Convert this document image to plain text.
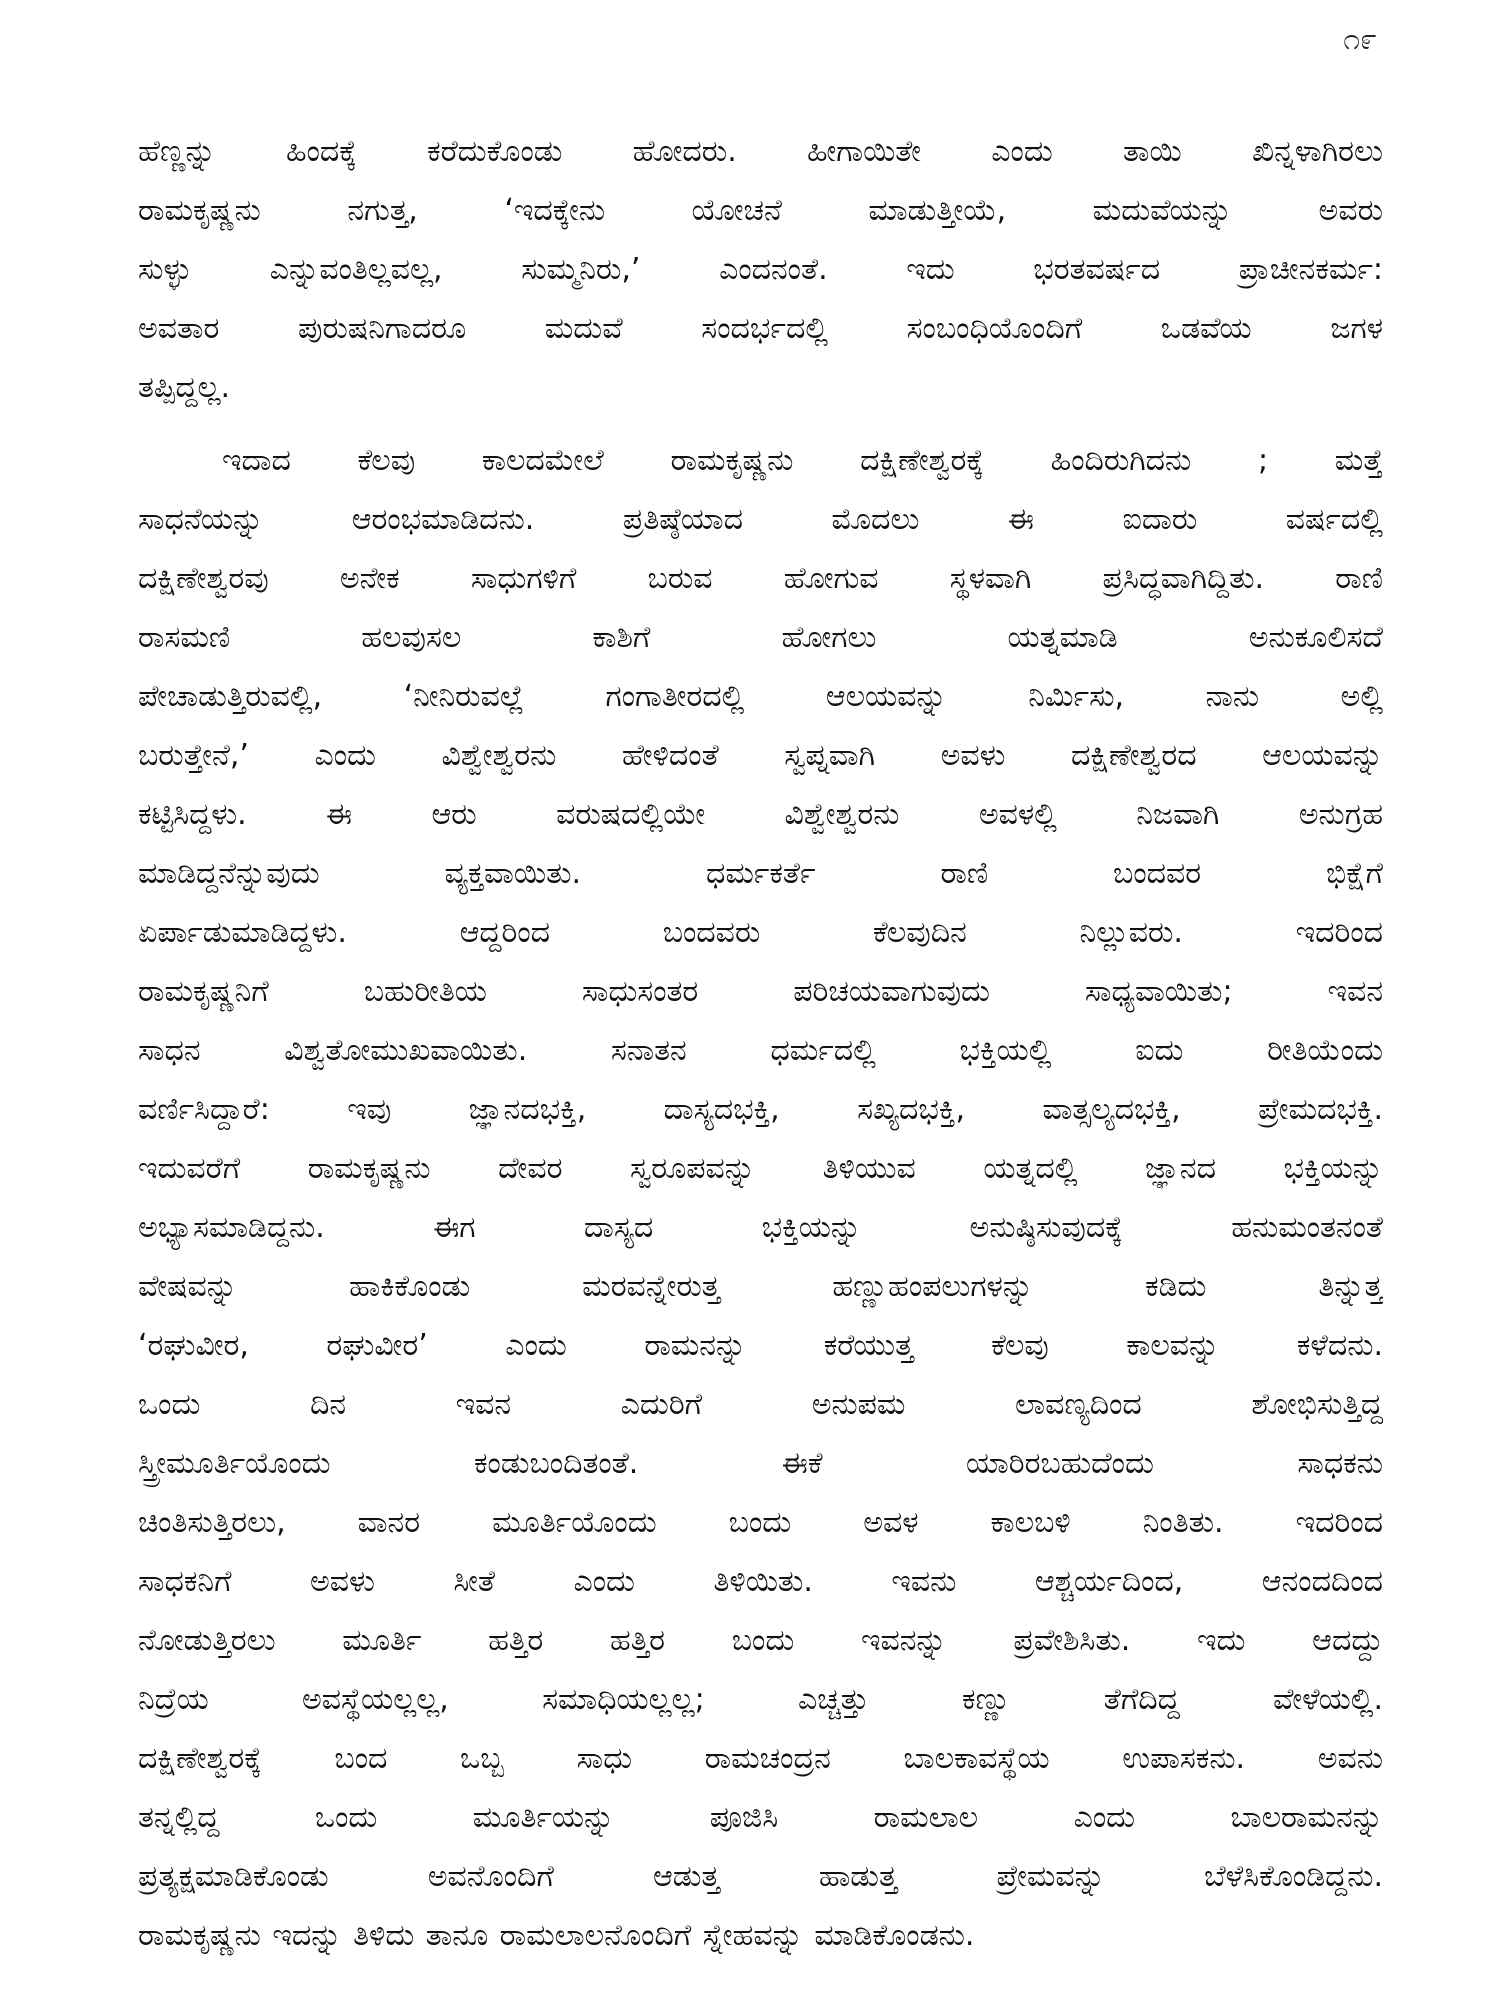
೧೯

ಹೆಣ್ಣನ್ನು ಹಿಂದಕ್ಕೆ ಕರೆದುಕೊಂಡು ಹೋದರು. ಹೀಗಾಯಿತೇ ಎಂದು ತಾಯಿ ಖಿನ್ನಳಾಗಿರಲು
ರಾಮಕೃಷ್ಣನು ನಗುತ್ತ, ‘ಇದಕ್ಕೇನು ಯೋಚನೆ ಮಾಡುತ್ತೀಯೆ, ಮದುವೆಯನ್ನು ಅವರು
ಸುಳ್ಳು ಎನ್ನುವಂತಿಲ್ಲವಲ್ಲ, ಸುಮ್ಮನಿರು,’ ಎಂದನಂತೆ. ಇದು ಭರತವರ್ಷದ ಪ್ರಾಚೀನಕರ್ಮ:
ಅವತಾರ ಪುರುಷನಿಗಾದರೂ ಮದುವೆ ಸಂದರ್ಭದಲ್ಲಿ ಸಂಬಂಧಿಯೊಂದಿಗೆ ಒಡವೆಯ ಜಗಳ
ತಪ್ಪಿದ್ದಲ್ಲ.

ಇದಾದ ಕೆಲವು ಕಾಲದಮೇಲೆ ರಾಮಕೃಷ್ಣನು ದಕ್ಷಿಣೇಶ್ವರಕ್ಕೆ ಹಿಂದಿರುಗಿದನು ; ಮತ್ತೆ
ಸಾಧನೆಯನ್ನು ಆರಂಭಮಾಡಿದನು. ಪ್ರತಿಷ್ಠೆಯಾದ ಮೊದಲು ಈ ಐದಾರು ವರ್ಷದಲ್ಲಿ
ದಕ್ಷಿಣೇಶ್ವರವು ಅನೇಕ ಸಾಧುಗಳಿಗೆ ಬರುವ ಹೋಗುವ ಸ್ಥಳವಾಗಿ ಪ್ರಸಿದ್ಧವಾಗಿದ್ದಿತು. ರಾಣಿ
ರಾಸಮಣಿ ಹಲವುಸಲ ಕಾಶಿಗೆ ಹೋಗಲು ಯತ್ನಮಾಡಿ ಅನುಕೂಲಿಸದೆ
ಪೇಚಾಡುತ್ತಿರುವಲ್ಲಿ, ‘ನೀನಿರುವಲ್ಲೆ ಗಂಗಾತೀರದಲ್ಲಿ ಆಲಯವನ್ನು ನಿರ್ಮಿಸು, ನಾನು ಅಲ್ಲಿ
ಬರುತ್ತೇನೆ,’ ಎಂದು ವಿಶ್ವೇಶ್ವರನು ಹೇಳಿದಂತೆ ಸ್ವಪ್ನವಾಗಿ ಅವಳು ದಕ್ಷಿಣೇಶ್ವರದ ಆಲಯವನ್ನು
ಕಟ್ಟಿಸಿದ್ದಳು. ಈ ಆರು ವರುಷದಲ್ಲಿಯೇ ವಿಶ್ವೇಶ್ವರನು ಅವಳಲ್ಲಿ ನಿಜವಾಗಿ ಅನುಗ್ರಹ
ಮಾಡಿದ್ದನೆನ್ನುವುದು ವ್ಯಕ್ತವಾಯಿತು. ಧರ್ಮಕರ್ತೆ ರಾಣಿ ಬಂದವರ ಭಿಕ್ಷೆಗೆ
ಏರ್ಪಾಡುಮಾಡಿದ್ದಳು. ಆದ್ದರಿಂದ ಬಂದವರು ಕೆಲವುದಿನ ನಿಲ್ಲುವರು. ಇದರಿಂದ
ರಾಮಕೃಷ್ಣನಿಗೆ ಬಹುರೀತಿಯ ಸಾಧುಸಂತರ ಪರಿಚಯವಾಗುವುದು ಸಾಧ್ಯವಾಯಿತು; ಇವನ
ಸಾಧನ ವಿಶ್ವತೋಮುಖವಾಯಿತು. ಸನಾತನ ಧರ್ಮದಲ್ಲಿ ಭಕ್ತಿಯಲ್ಲಿ ಐದು ರೀತಿಯೆಂದು
ವರ್ಣಿಸಿದ್ದಾರೆ: ಇವು ಜ್ಞಾನದಭಕ್ತಿ, ದಾಸ್ಯದಭಕ್ತಿ, ಸಖ್ಯದಭಕ್ತಿ, ವಾತ್ಸಲ್ಯದಭಕ್ತಿ, ಪ್ರೇಮದಭಕ್ತಿ.
ಇದುವರೆಗೆ ರಾಮಕೃಷ್ಣನು ದೇವರ ಸ್ವರೂಪವನ್ನು ತಿಳಿಯುವ ಯತ್ನದಲ್ಲಿ ಜ್ಞಾನದ ಭಕ್ತಿಯನ್ನು
ಅಭ್ಯಾಸಮಾಡಿದ್ದನು. ಈಗ ದಾಸ್ಯದ ಭಕ್ತಿಯನ್ನು ಅನುಷ್ಠಿಸುವುದಕ್ಕೆ ಹನುಮಂತನಂತೆ
ವೇಷವನ್ನು ಹಾಕಿಕೊಂಡು ಮರವನ್ನೇರುತ್ತ ಹಣ್ಣುಹಂಪಲುಗಳನ್ನು ಕಡಿದು ತಿನ್ನುತ್ತ
‘ರಘುವೀರ, ರಘುವೀರ’ ಎಂದು ರಾಮನನ್ನು ಕರೆಯುತ್ತ ಕೆಲವು ಕಾಲವನ್ನು ಕಳೆದನು.
ಒಂದು ದಿನ ಇವನ ಎದುರಿಗೆ ಅನುಪಮ ಲಾವಣ್ಯದಿಂದ ಶೋಭಿಸುತ್ತಿದ್ದ
ಸ್ತ್ರೀಮೂರ್ತಿಯೊಂದು ಕಂಡುಬಂದಿತಂತೆ. ಈಕೆ ಯಾರಿರಬಹುದೆಂದು ಸಾಧಕನು
ಚಿಂತಿಸುತ್ತಿರಲು, ವಾನರ ಮೂರ್ತಿಯೊಂದು ಬಂದು ಅವಳ ಕಾಲಬಳಿ ನಿಂತಿತು. ಇದರಿಂದ
ಸಾಧಕನಿಗೆ ಅವಳು ಸೀತೆ ಎಂದು ತಿಳಿಯಿತು. ಇವನು ಆಶ್ಚರ್ಯದಿಂದ, ಆನಂದದಿಂದ
ನೋಡುತ್ತಿರಲು ಮೂರ್ತಿ ಹತ್ತಿರ ಹತ್ತಿರ ಬಂದು ಇವನನ್ನು ಪ್ರವೇಶಿಸಿತು. ಇದು ಆದದ್ದು
ನಿದ್ರೆಯ ಅವಸ್ಥೆಯಲ್ಲಲ್ಲ, ಸಮಾಧಿಯಲ್ಲಲ್ಲ; ಎಚ್ಚತ್ತು ಕಣ್ಣು ತೆಗೆದಿದ್ದ ವೇಳೆಯಲ್ಲಿ.
ದಕ್ಷಿಣೇಶ್ವರಕ್ಕೆ ಬಂದ ಒಬ್ಬ ಸಾಧು ರಾಮಚಂದ್ರನ ಬಾಲಕಾವಸ್ಥೆಯ ಉಪಾಸಕನು. ಅವನು
ತನ್ನಲ್ಲಿದ್ದ ಒಂದು ಮೂರ್ತಿಯನ್ನು ಪೂಜಿಸಿ ರಾಮಲಾಲ ಎಂದು ಬಾಲರಾಮನನ್ನು
ಪ್ರತ್ಯಕ್ಷಮಾಡಿಕೊಂಡು ಅವನೊಂದಿಗೆ ಆಡುತ್ತ ಹಾಡುತ್ತ ಪ್ರೇಮವನ್ನು ಬೆಳೆಸಿಕೊಂಡಿದ್ದನು.
ರಾಮಕೃಷ್ಣನು ಇದನ್ನು ತಿಳಿದು ತಾನೂ ರಾಮಲಾಲನೊಂದಿಗೆ ಸ್ನೇಹವನ್ನು ಮಾಡಿಕೊಂಡನು.
